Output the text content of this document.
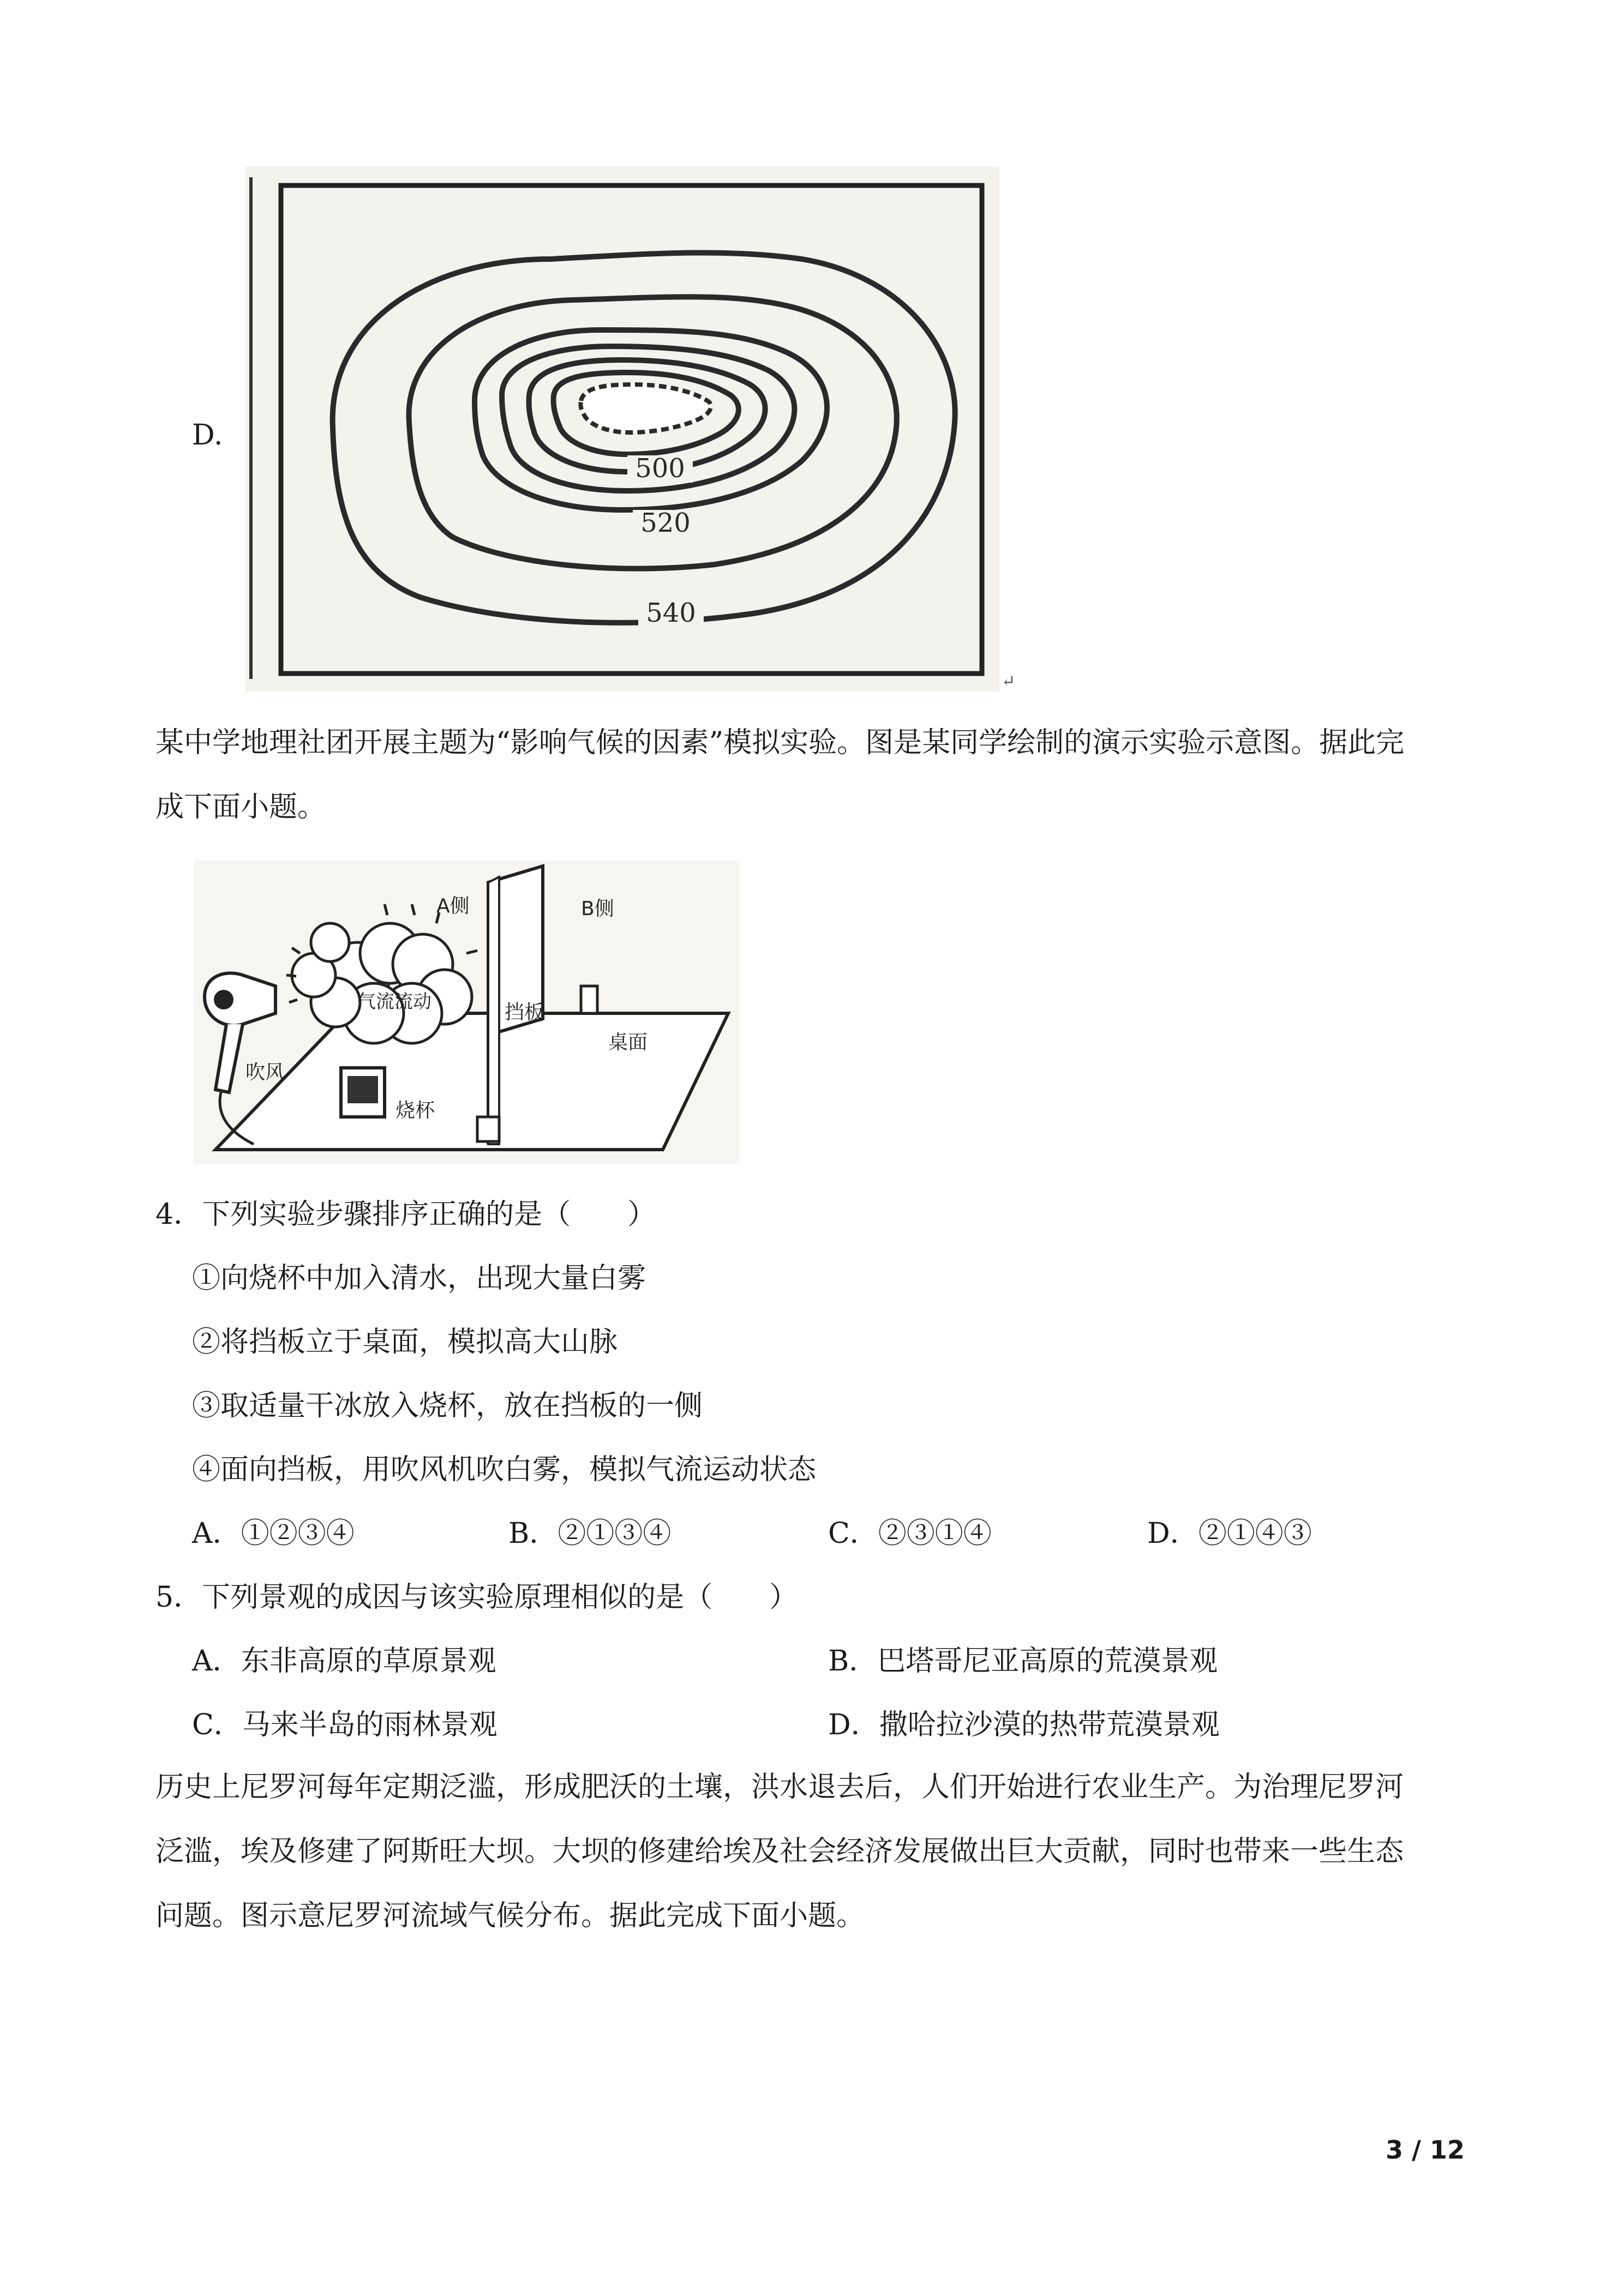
D.
500
520
540
↵
某中学地理社团开展主题为“影响气候的因素”模拟实验。图是某同学绘制的演示实验示意图。据此完
成下面小题。
A侧	B侧
气流流动	挡板
桌面
吹风
烧杯
4．下列实验步骤排序正确的是（　　）
①向烧杯中加入清水，出现大量白雾
②将挡板立于桌面，模拟高大山脉
③取适量干冰放入烧杯，放在挡板的一侧
④面向挡板，用吹风机吹白雾，模拟气流运动状态
A．①②③④	B．②①③④	C．②③①④	D．②①④③
5．下列景观的成因与该实验原理相似的是（　　）
A．东非高原的草原景观	B．巴塔哥尼亚高原的荒漠景观
C．马来半岛的雨林景观	D．撒哈拉沙漠的热带荒漠景观
历史上尼罗河每年定期泛滥，形成肥沃的土壤，洪水退去后，人们开始进行农业生产。为治理尼罗河
泛滥，埃及修建了阿斯旺大坝。大坝的修建给埃及社会经济发展做出巨大贡献，同时也带来一些生态
问题。图示意尼罗河流域气候分布。据此完成下面小题。
3 / 12
